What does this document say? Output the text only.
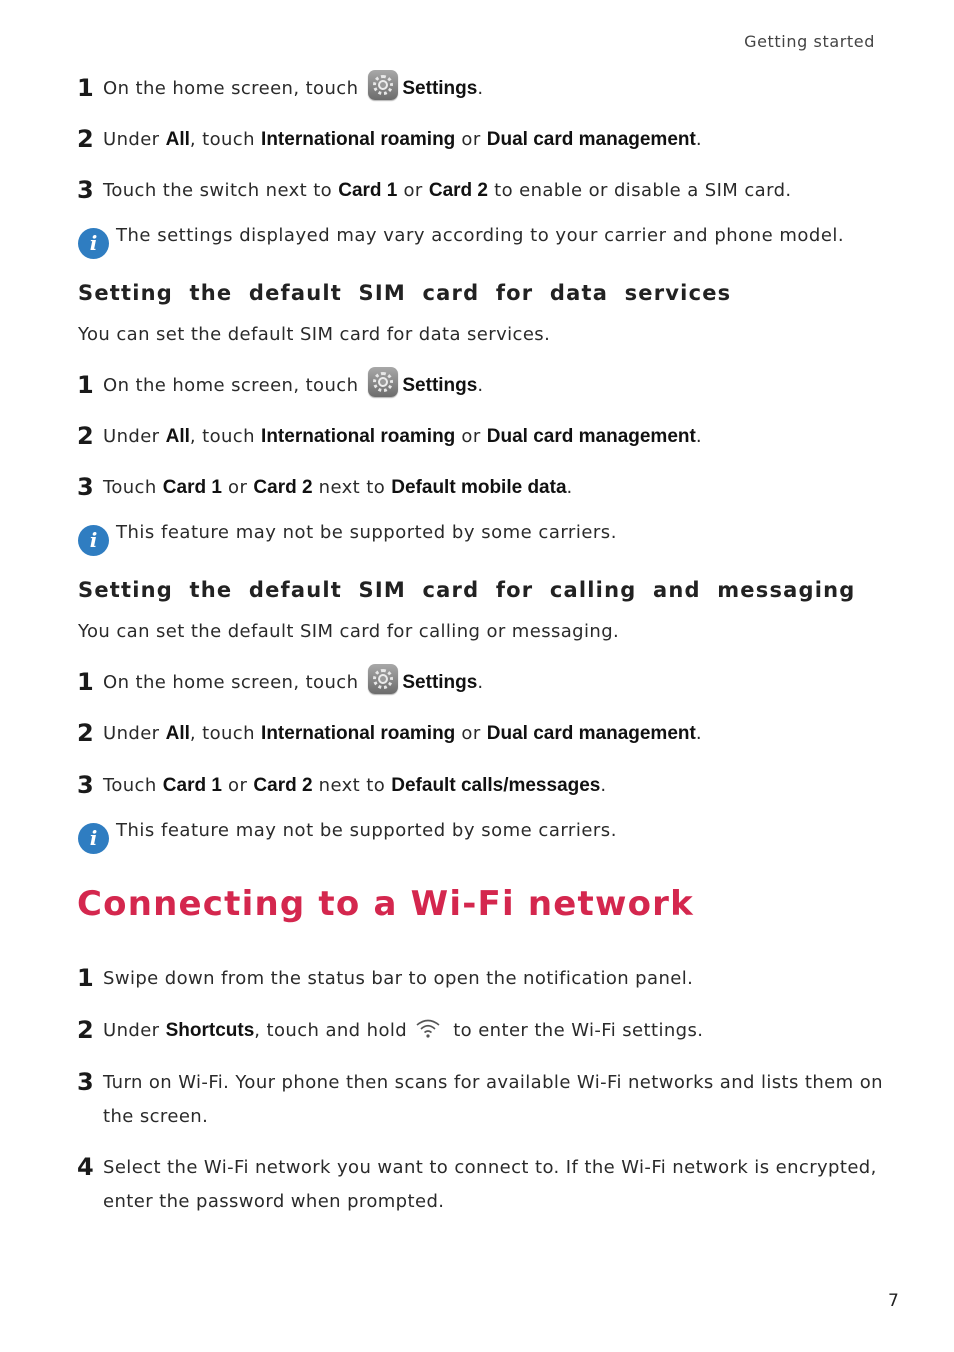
Getting started
1 On the home screen, touch Settings.
2 Under All, touch International roaming or Dual card management.
3 Touch the switch next to Card 1 or Card 2 to enable or disable a SIM card.
i	The settings displayed may vary according to your carrier and phone model.
Setting the default SIM card for data services
You can set the default SIM card for data services.
1 On the home screen, touch Settings.
2 Under All, touch International roaming or Dual card management.
3 Touch Card 1 or Card 2 next to Default mobile data.
i	This feature may not be supported by some carriers.
Setting the default SIM card for calling and messaging
You can set the default SIM card for calling or messaging.
1 On the home screen, touch Settings.
2 Under All, touch International roaming or Dual card management.
3 Touch Card 1 or Card 2 next to Default calls/messages.
i	This feature may not be supported by some carriers.
Connecting to a Wi-Fi network
1 Swipe down from the status bar to open the notification panel.
2 Under Shortcuts, touch and hold to enter the Wi-Fi settings.
3 Turn on Wi-Fi. Your phone then scans for available Wi-Fi networks and lists them on the screen.
4 Select the Wi-Fi network you want to connect to. If the Wi-Fi network is encrypted, enter the password when prompted.
7
